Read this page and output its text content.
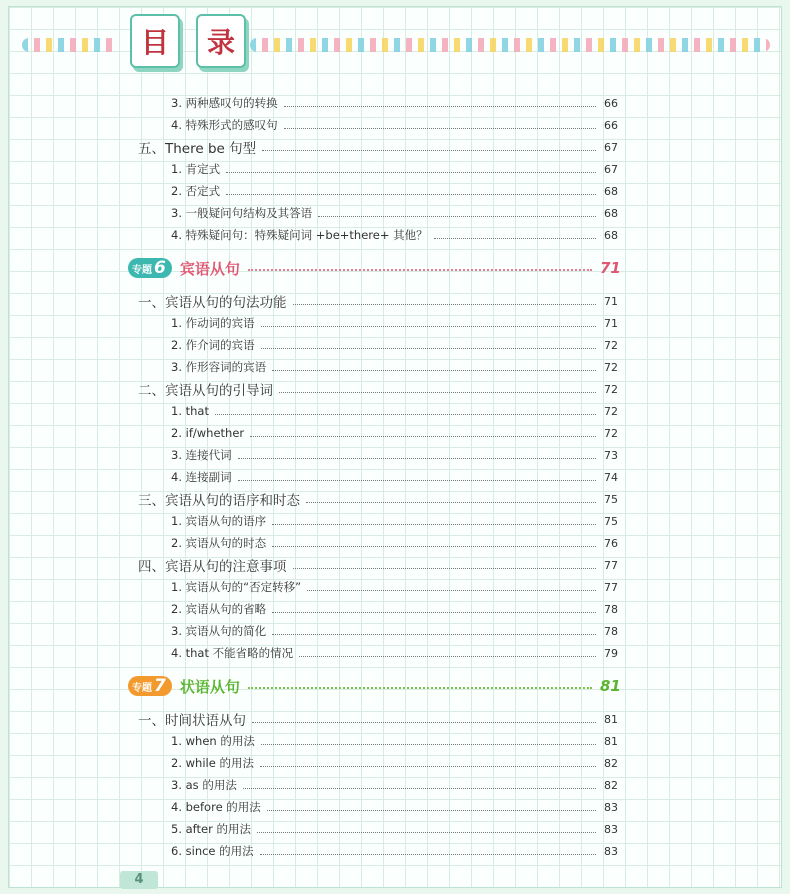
目	录
3. 两种感叹句的转换	66
4. 特殊形式的感叹句	66
五、There be 句型	67
1. 肯定式	67
2. 否定式	68
3. 一般疑问句结构及其答语	68
4. 特殊疑问句：特殊疑问词 +be+there+ 其他？	68
专题 6 宾语从句	71
一、宾语从句的句法功能	71
1. 作动词的宾语	71
2. 作介词的宾语	72
3. 作形容词的宾语	72
二、宾语从句的引导词	72
1. that	72
2. if/whether	72
3. 连接代词	73
4. 连接副词	74
三、宾语从句的语序和时态	75
1. 宾语从句的语序	75
2. 宾语从句的时态	76
四、宾语从句的注意事项	77
1. 宾语从句的“否定转移”	77
2. 宾语从句的省略	78
3. 宾语从句的简化	78
4. that 不能省略的情况	79
专题 7 状语从句	81
一、时间状语从句	81
1. when 的用法	81
2. while 的用法	82
3. as 的用法	82
4. before 的用法	83
5. after 的用法	83
6. since 的用法	83
4
